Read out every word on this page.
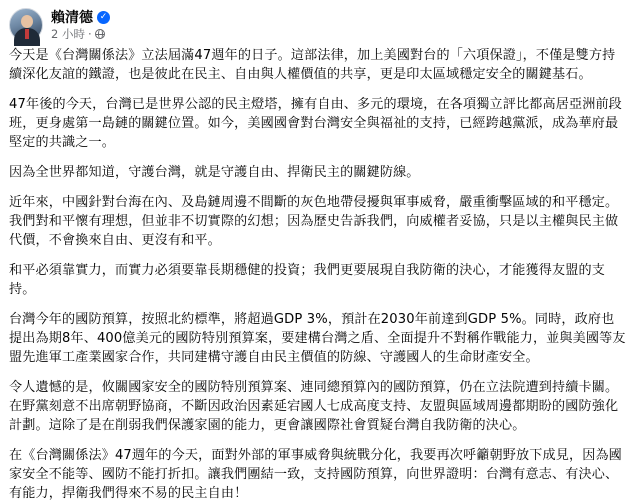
賴清德 ✓
2 小時 ·

今天是《台灣關係法》立法屆滿47週年的日子。這部法律，加上美國對台的「六項保證」，不僅是雙方持續深化友誼的鐵證，也是彼此在民主、自由與人權價值的共享，更是印太區域穩定安全的關鍵基石。

47年後的今天，台灣已是世界公認的民主燈塔，擁有自由、多元的環境，在各項獨立評比都高居亞洲前段班，更身處第一島鏈的關鍵位置。如今，美國國會對台灣安全與福祉的支持，已經跨越黨派，成為華府最堅定的共識之一。

因為全世界都知道，守護台灣，就是守護自由、捍衛民主的關鍵防線。

近年來，中國針對台海在內、及島鏈周邊不間斷的灰色地帶侵擾與軍事威脅，嚴重衝擊區域的和平穩定。我們對和平懷有理想，但並非不切實際的幻想；因為歷史告訴我們，向威權者妥協，只是以主權與民主做代價，不會換來自由、更沒有和平。

和平必須靠實力，而實力必須要靠長期穩健的投資；我們更要展現自我防衛的決心，才能獲得友盟的支持。

台灣今年的國防預算，按照北約標準，將超過GDP 3%，預計在2030年前達到GDP 5%。同時，政府也提出為期8年、400億美元的國防特別預算案，要建構台灣之盾、全面提升不對稱作戰能力，並與美國等友盟先進軍工產業國家合作，共同建構守護自由民主價值的防線、守護國人的生命財產安全。

令人遺憾的是，攸關國家安全的國防特別預算案、連同總預算內的國防預算，仍在立法院遭到持續卡關。在野黨刻意不出席朝野協商，不斷因政治因素延宕國人七成高度支持、友盟與區域周邊都期盼的國防強化計劃。這除了是在削弱我們保護家園的能力，更會讓國際社會質疑台灣自我防衛的決心。

在《台灣關係法》47週年的今天，面對外部的軍事威脅與統戰分化，我要再次呼籲朝野放下成見，因為國家安全不能等、國防不能打折扣。讓我們團結一致，支持國防預算，向世界證明：台灣有意志、有決心、有能力，捍衛我們得來不易的民主自由！
